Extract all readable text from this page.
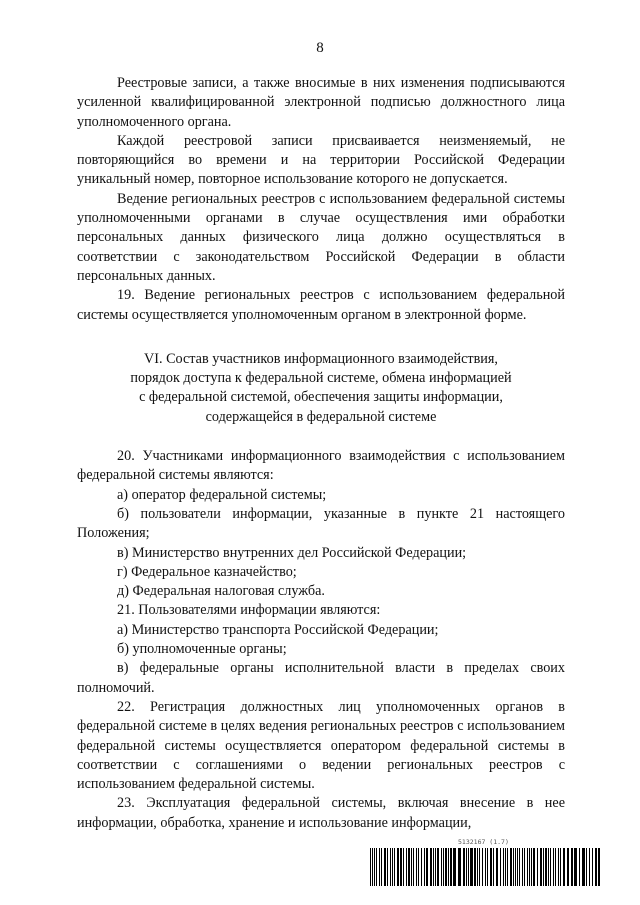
8

Реестровые записи, а также вносимые в них изменения подписываются усиленной квалифицированной электронной подписью должностного лица уполномоченного органа.

Каждой реестровой записи присваивается неизменяемый, не повторяющийся во времени и на территории Российской Федерации уникальный номер, повторное использование которого не допускается.

Ведение региональных реестров с использованием федеральной системы уполномоченными органами в случае осуществления ими обработки персональных данных физического лица должно осуществляться в соответствии с законодательством Российской Федерации в области персональных данных.

19. Ведение региональных реестров с использованием федеральной системы осуществляется уполномоченным органом в электронной форме.

VI. Состав участников информационного взаимодействия,
порядок доступа к федеральной системе, обмена информацией
с федеральной системой, обеспечения защиты информации,
содержащейся в федеральной системе

20. Участниками информационного взаимодействия с использованием федеральной системы являются:

а) оператор федеральной системы;

б) пользователи информации, указанные в пункте 21 настоящего Положения;

в) Министерство внутренних дел Российской Федерации;

г) Федеральное казначейство;

д) Федеральная налоговая служба.

21. Пользователями информации являются:

а) Министерство транспорта Российской Федерации;

б) уполномоченные органы;

в) федеральные органы исполнительной власти в пределах своих полномочий.

22. Регистрация должностных лиц уполномоченных органов в федеральной системе в целях ведения региональных реестров с использованием федеральной системы осуществляется оператором федеральной системы в соответствии с соглашениями о ведении региональных реестров с использованием федеральной системы.

23. Эксплуатация федеральной системы, включая внесение в нее информации, обработка, хранение и использование информации,

5132167 (1.7)
